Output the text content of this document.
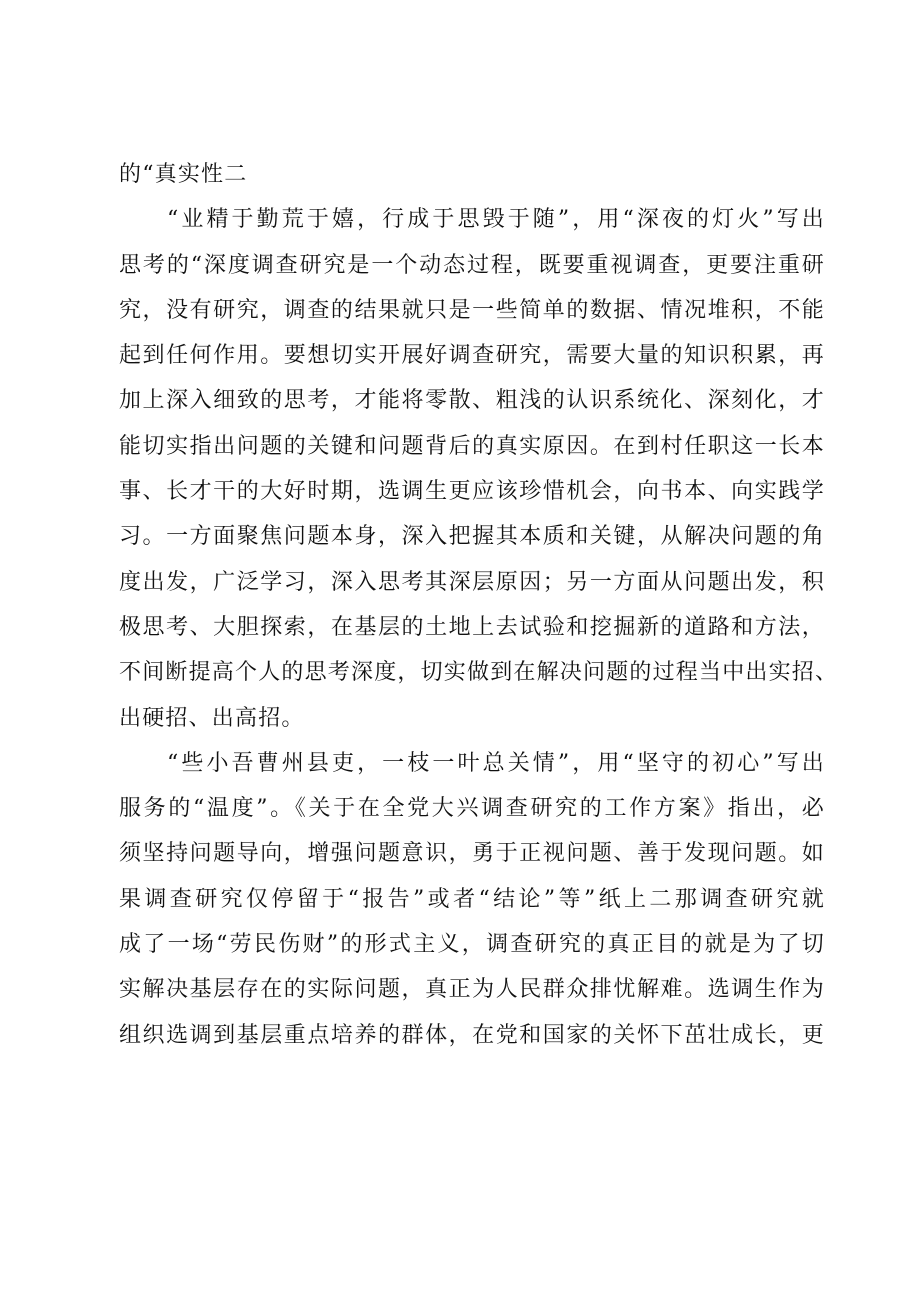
的“真实性二
“业精于勤荒于嬉，行成于思毁于随”，用“深夜的灯火”写出
思考的“深度调查研究是一个动态过程，既要重视调查，更要注重研
究，没有研究，调查的结果就只是一些简单的数据、情况堆积，不能
起到任何作用。要想切实开展好调查研究，需要大量的知识积累，再
加上深入细致的思考，才能将零散、粗浅的认识系统化、深刻化，才
能切实指出问题的关键和问题背后的真实原因。在到村任职这一长本
事、长才干的大好时期，选调生更应该珍惜机会，向书本、向实践学
习。一方面聚焦问题本身，深入把握其本质和关键，从解决问题的角
度出发，广泛学习，深入思考其深层原因；另一方面从问题出发，积
极思考、大胆探索，在基层的土地上去试验和挖掘新的道路和方法，
不间断提高个人的思考深度，切实做到在解决问题的过程当中出实招、
出硬招、出高招。
“些小吾曹州县吏，一枝一叶总关情”，用“坚守的初心”写出
服务的“温度”。《关于在全党大兴调查研究的工作方案》指出，必
须坚持问题导向，增强问题意识，勇于正视问题、善于发现问题。如
果调查研究仅停留于“报告”或者“结论”等”纸上二那调查研究就
成了一场“劳民伤财”的形式主义，调查研究的真正目的就是为了切
实解决基层存在的实际问题，真正为人民群众排忧解难。选调生作为
组织选调到基层重点培养的群体，在党和国家的关怀下茁壮成长，更
